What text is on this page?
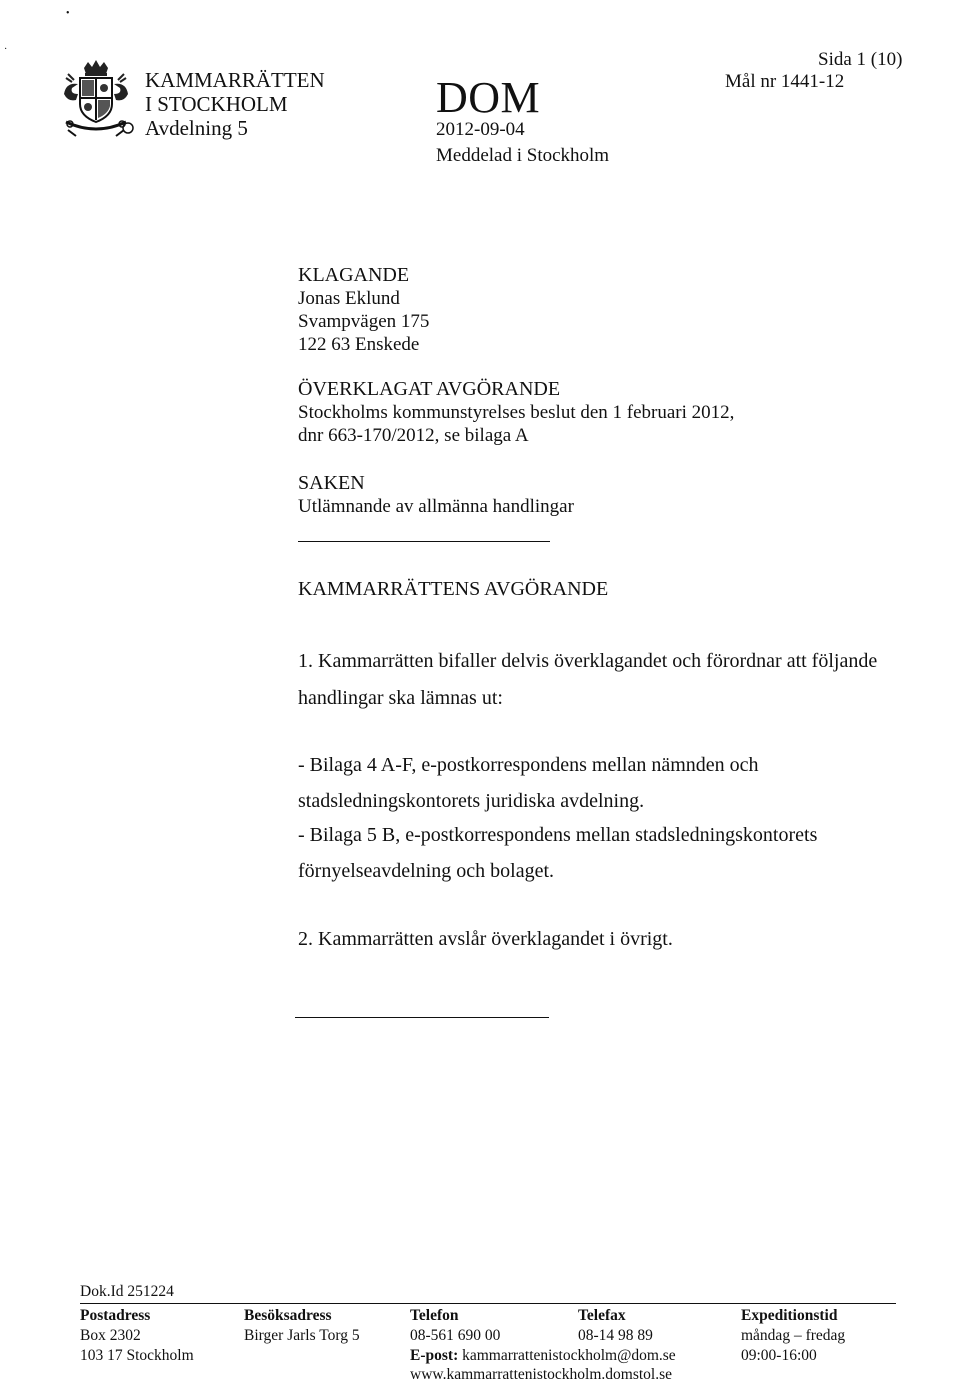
•
·
KAMMARRÄTTEN
I STOCKHOLM
Avdelning 5
DOM
2012-09-04
Meddelad i Stockholm
Sida 1 (10)
Mål nr 1441-12
KLAGANDE
Jonas Eklund
Svampvägen 175
122 63 Enskede
ÖVERKLAGAT AVGÖRANDE
Stockholms kommunstyrelses beslut den 1 februari 2012,
dnr 663-170/2012, se bilaga A
SAKEN
Utlämnande av allmänna handlingar
KAMMARRÄTTENS AVGÖRANDE
1. Kammarrätten bifaller delvis överklagandet och förordnar att följande
handlingar ska lämnas ut:
- Bilaga 4 A-F, e-postkorrespondens mellan nämnden och
stadsledningskontorets juridiska avdelning.
- Bilaga 5 B, e-postkorrespondens mellan stadsledningskontorets
förnyelseavdelning och bolaget.
2. Kammarrätten avslår överklagandet i övrigt.
Dok.Id 251224
Postadress
Box 2302
103 17 Stockholm
Besöksadress
Birger Jarls Torg 5
Telefon
08-561 690 00
Telefax
08-14 98 89
E-post: kammarrattenistockholm@dom.se
www.kammarrattenistockholm.domstol.se
Expeditionstid
måndag – fredag
09:00-16:00
